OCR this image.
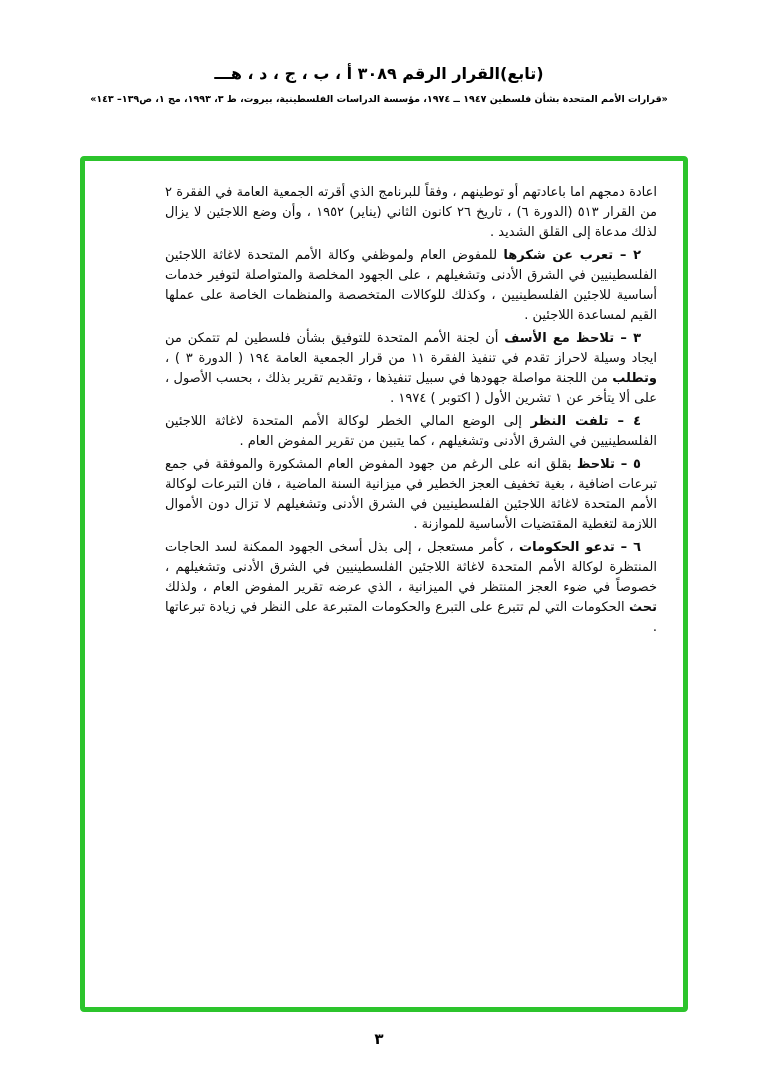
(تابع)القرار الرقم ٣٠٨٩ أ ، ب ، ج ، د ، هـــ
«قرارات الأمم المتحدة بشأن فلسطين ١٩٤٧ ــ ١٩٧٤، مؤسسة الدراسات الفلسطينية، بيروت، ط ٣، ١٩٩٣، مج ١، ص١٣٩– ١٤٣»

اعادة دمجهم اما باعادتهم أو توطينهم ، وفقاً للبرنامج الذي أقرته الجمعية العامة في الفقرة ٢ من القرار ٥١٣ (الدورة ٦) ، تاريخ ٢٦ كانون الثاني (يناير) ١٩٥٢ ، وأن وضع اللاجئين لا يزال لذلك مدعاة إلى القلق الشديد .

٢ – تعرب عن شكرها للمفوض العام ولموظفي وكالة الأمم المتحدة لاغاثة اللاجئين الفلسطينيين في الشرق الأدنى وتشغيلهم ، على الجهود المخلصة والمتواصلة لتوفير خدمات أساسية للاجئين الفلسطينيين ، وكذلك للوكالات المتخصصة والمنظمات الخاصة على عملها القيم لمساعدة اللاجئين .

٣ – تلاحظ مع الأسف أن لجنة الأمم المتحدة للتوفيق بشأن فلسطين لم تتمكن من ايجاد وسيلة لاحراز تقدم في تنفيذ الفقرة ١١ من قرار الجمعية العامة ١٩٤ ( الدورة ٣ ) ، وتطلب من اللجنة مواصلة جهودها في سبيل تنفيذها ، وتقديم تقرير بذلك ، بحسب الأصول ، على ألا يتأخر عن ١ تشرين الأول ( اكتوبر ) ١٩٧٤ .

٤ – تلفت النظر إلى الوضع المالي الخطر لوكالة الأمم المتحدة لاغاثة اللاجئين الفلسطينيين في الشرق الأدنى وتشغيلهم ، كما يتبين من تقرير المفوض العام .

٥ – تلاحظ بقلق انه على الرغم من جهود المفوض العام المشكورة والموفقة في جمع تبرعات اضافية ، بغية تخفيف العجز الخطير في ميزانية السنة الماضية ، فان التبرعات لوكالة الأمم المتحدة لاغاثة اللاجئين الفلسطينيين في الشرق الأدنى وتشغيلهم لا تزال دون الأموال اللازمة لتغطية المقتضيات الأساسية للموازنة .

٦ – تدعو الحكومات ، كأمر مستعجل ، إلى بذل أسخى الجهود الممكنة لسد الحاجات المنتظرة لوكالة الأمم المتحدة لاغاثة اللاجئين الفلسطينيين في الشرق الأدنى وتشغيلهم ، خصوصاً في ضوء العجز المنتظر في الميزانية ، الذي عرضه تقرير المفوض العام ، ولذلك تحث الحكومات التي لم تتبرع على التبرع والحكومات المتبرعة على النظر في زيادة تبرعاتها .

٣
